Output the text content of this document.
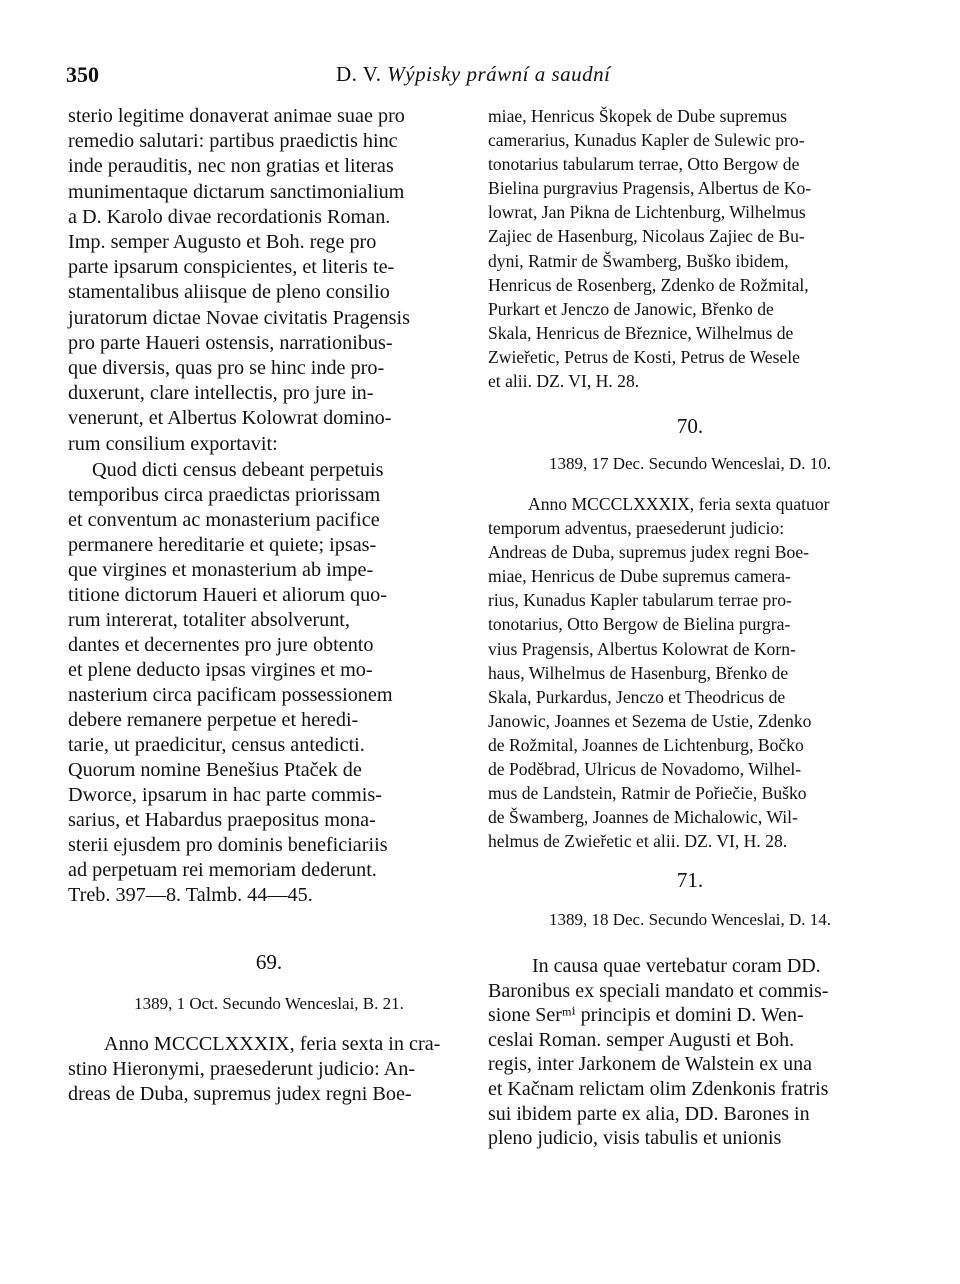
350	D. V. Wýpisky práwní a saudní
sterio legitime donaverat animae suae pro
remedio salutari: partibus praedictis hinc
inde perauditis, nec non gratias et literas
munimentaque dictarum sanctimonialium
a D. Karolo divae recordationis Roman.
Imp. semper Augusto et Boh. rege pro
parte ipsarum conspicientes, et literis te-
stamentalibus aliisque de pleno consilio
juratorum dictae Novae civitatis Pragensis
pro parte Haueri ostensis, narrationibus-
que diversis, quas pro se hinc inde pro-
duxerunt, clare intellectis, pro jure in-
venerunt, et Albertus Kolowrat domino-
rum consilium exportavit:
Quod dicti census debeant perpetuis
temporibus circa praedictas priorissam
et conventum ac monasterium pacifice
permanere hereditarie et quiete; ipsas-
que virgines et monasterium ab impe-
titione dictorum Haueri et aliorum quo-
rum intererat, totaliter absolverunt,
dantes et decernentes pro jure obtento
et plene deducto ipsas virgines et mo-
nasterium circa pacificam possessionem
debere remanere perpetue et heredi-
tarie, ut praedicitur, census antedicti.
Quorum nomine Benešius Ptaček de
Dworce, ipsarum in hac parte commis-
sarius, et Habardus praepositus mona-
sterii ejusdem pro dominis beneficiariis
ad perpetuam rei memoriam dederunt.
Treb. 397—8. Talmb. 44—45.
69.
1389, 1 Oct. Secundo Wenceslai, B. 21.
Anno MCCCLXXXIX, feria sexta in cra-
stino Hieronymi, praesederunt judicio: An-
dreas de Duba, supremus judex regni Boe-
miae, Henricus Škopek de Dube supremus
camerarius, Kunadus Kapler de Sulewic pro-
tonotarius tabularum terrae, Otto Bergow de
Bielina purgravius Pragensis, Albertus de Ko-
lowrat, Jan Pikna de Lichtenburg, Wilhelmus
Zajiec de Hasenburg, Nicolaus Zajiec de Bu-
dyni, Ratmir de Šwamberg, Buško ibidem,
Henricus de Rosenberg, Zdenko de Rožmital,
Purkart et Jenczo de Janowic, Břenko de
Skala, Henricus de Březnice, Wilhelmus de
Zwieřetic, Petrus de Kosti, Petrus de Wesele
et alii. DZ. VI, H. 28.
70.
1389, 17 Dec. Secundo Wenceslai, D. 10.
Anno MCCCLXXXIX, feria sexta quatuor
temporum adventus, praesederunt judicio:
Andreas de Duba, supremus judex regni Boe-
miae, Henricus de Dube supremus camera-
rius, Kunadus Kapler tabularum terrae pro-
tonotarius, Otto Bergow de Bielina purgra-
vius Pragensis, Albertus Kolowrat de Korn-
haus, Wilhelmus de Hasenburg, Břenko de
Skala, Purkardus, Jenczo et Theodricus de
Janowic, Joannes et Sezema de Ustie, Zdenko
de Rožmital, Joannes de Lichtenburg, Bočko
de Poděbrad, Ulricus de Novadomo, Wilhel-
mus de Landstein, Ratmir de Pořiečie, Buško
de Šwamberg, Joannes de Michalowic, Wil-
helmus de Zwieřetic et alii. DZ. VI, H. 28.
71.
1389, 18 Dec. Secundo Wenceslai, D. 14.
In causa quae vertebatur coram DD.
Baronibus ex speciali mandato et commis-
sione Serᵐⁱ principis et domini D. Wen-
ceslai Roman. semper Augusti et Boh.
regis, inter Jarkonem de Walstein ex una
et Kačnam relictam olim Zdenkonis fratris
sui ibidem parte ex alia, DD. Barones in
pleno judicio, visis tabulis et unionis
